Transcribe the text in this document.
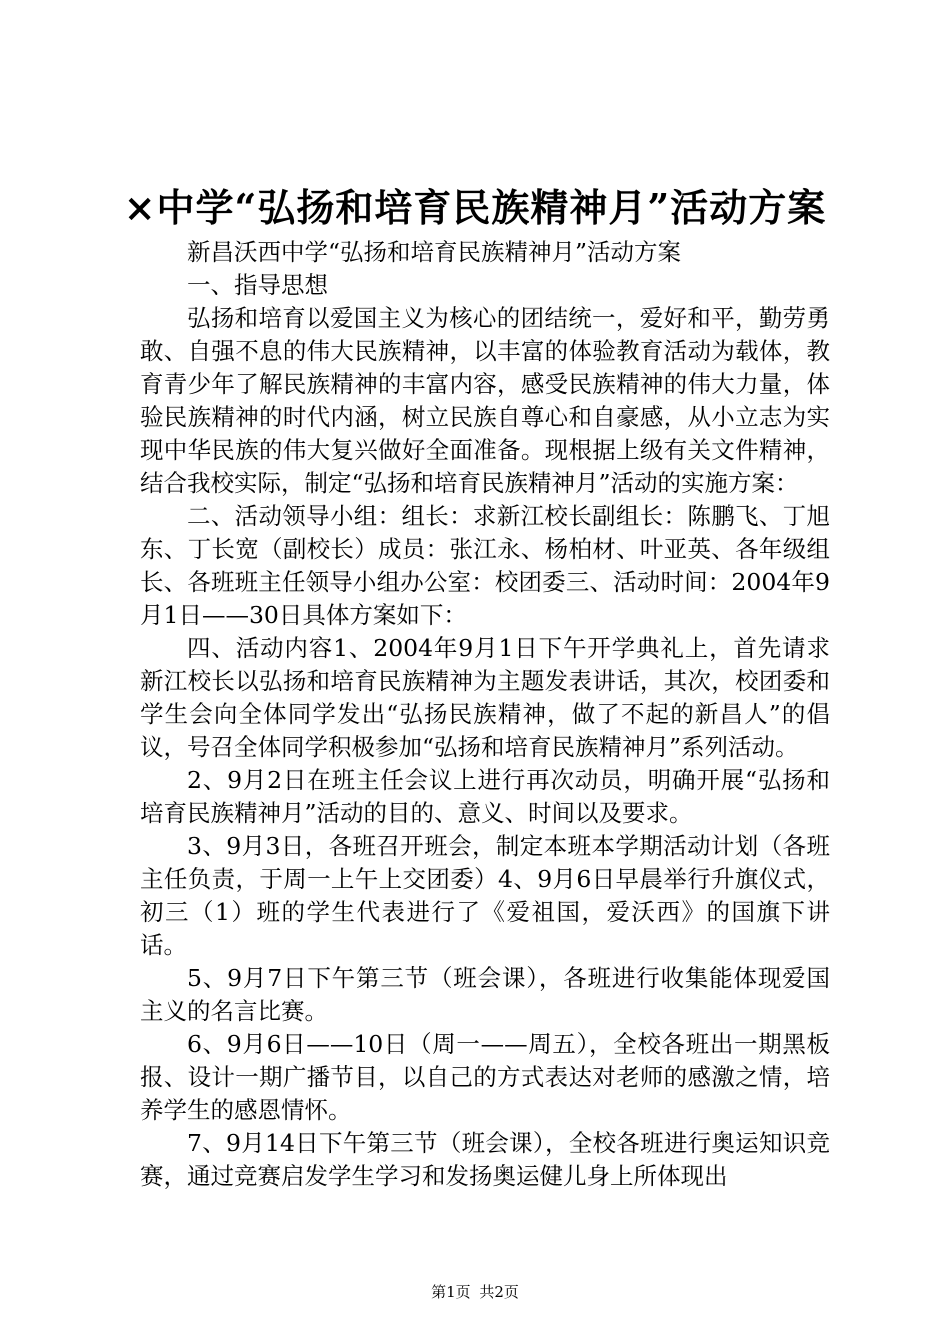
×中学“弘扬和培育民族精神月”活动方案

新昌沃西中学“弘扬和培育民族精神月”活动方案

一、指导思想

弘扬和培育以爱国主义为核心的团结统一，爱好和平，勤劳勇敢、自强不息的伟大民族精神，以丰富的体验教育活动为载体，教育青少年了解民族精神的丰富内容，感受民族精神的伟大力量，体验民族精神的时代内涵，树立民族自尊心和自豪感，从小立志为实现中华民族的伟大复兴做好全面准备。现根据上级有关文件精神，结合我校实际，制定“弘扬和培育民族精神月”活动的实施方案：

二、活动领导小组：组长：求新江校长副组长：陈鹏飞、丁旭东、丁长宽（副校长）成员：张江永、杨柏材、叶亚英、各年级组长、各班班主任领导小组办公室：校团委三、活动时间：2004年9月1日——30日具体方案如下：

四、活动内容1、2004年9月1日下午开学典礼上，首先请求新江校长以弘扬和培育民族精神为主题发表讲话，其次，校团委和学生会向全体同学发出“弘扬民族精神，做了不起的新昌人”的倡议，号召全体同学积极参加“弘扬和培育民族精神月”系列活动。

2、9月2日在班主任会议上进行再次动员，明确开展“弘扬和培育民族精神月”活动的目的、意义、时间以及要求。

3、9月3日，各班召开班会，制定本班本学期活动计划（各班主任负责，于周一上午上交团委）4、9月6日早晨举行升旗仪式，初三（1）班的学生代表进行了《爱祖国，爱沃西》的国旗下讲话。

5、9月7日下午第三节（班会课），各班进行收集能体现爱国主义的名言比赛。

6、9月6日——10日（周一——周五），全校各班出一期黑板报、设计一期广播节目，以自己的方式表达对老师的感激之情，培养学生的感恩情怀。

7、9月14日下午第三节（班会课），全校各班进行奥运知识竞赛，通过竞赛启发学生学习和发扬奥运健儿身上所体现出

第1页 共2页
